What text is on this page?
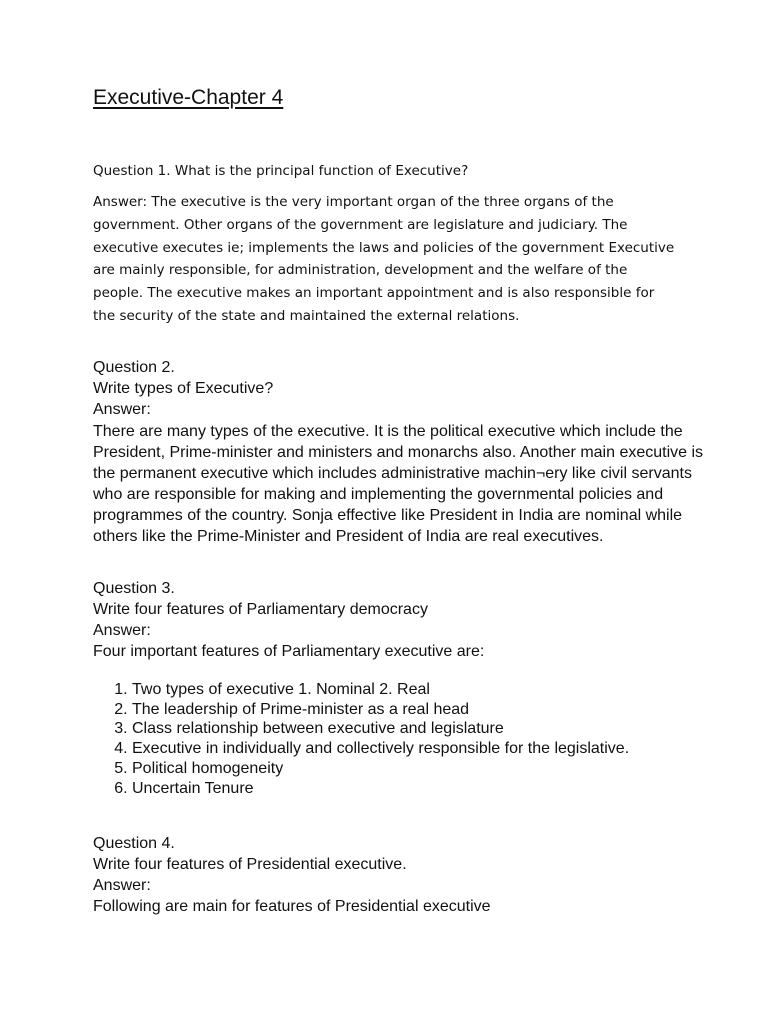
Executive-Chapter 4
Question 1. What is the principal function of Executive?
Answer: The executive is the very important organ of the three organs of the government. Other organs of the government are legislature and judiciary. The executive executes ie; implements the laws and policies of the government Executive are mainly responsible, for administration, development and the welfare of the people. The executive makes an important appointment and is also responsible for the security of the state and maintained the external relations.
Question 2.
Write types of Executive?
Answer:
There are many types of the executive. It is the political executive which include the President, Prime-minister and ministers and monarchs also. Another main executive is the permanent executive which includes administrative machin¬ery like civil servants who are responsible for making and implementing the governmental policies and programmes of the country. Sonja effective like President in India are nominal while others like the Prime-Minister and President of India are real executives.
Question 3.
Write four features of Parliamentary democracy
Answer:
Four important features of Parliamentary executive are:
1. Two types of executive 1. Nominal 2. Real
2. The leadership of Prime-minister as a real head
3. Class relationship between executive and legislature
4. Executive in individually and collectively responsible for the legislative.
5. Political homogeneity
6. Uncertain Tenure
Question 4.
Write four features of Presidential executive.
Answer:
Following are main for features of Presidential executive
